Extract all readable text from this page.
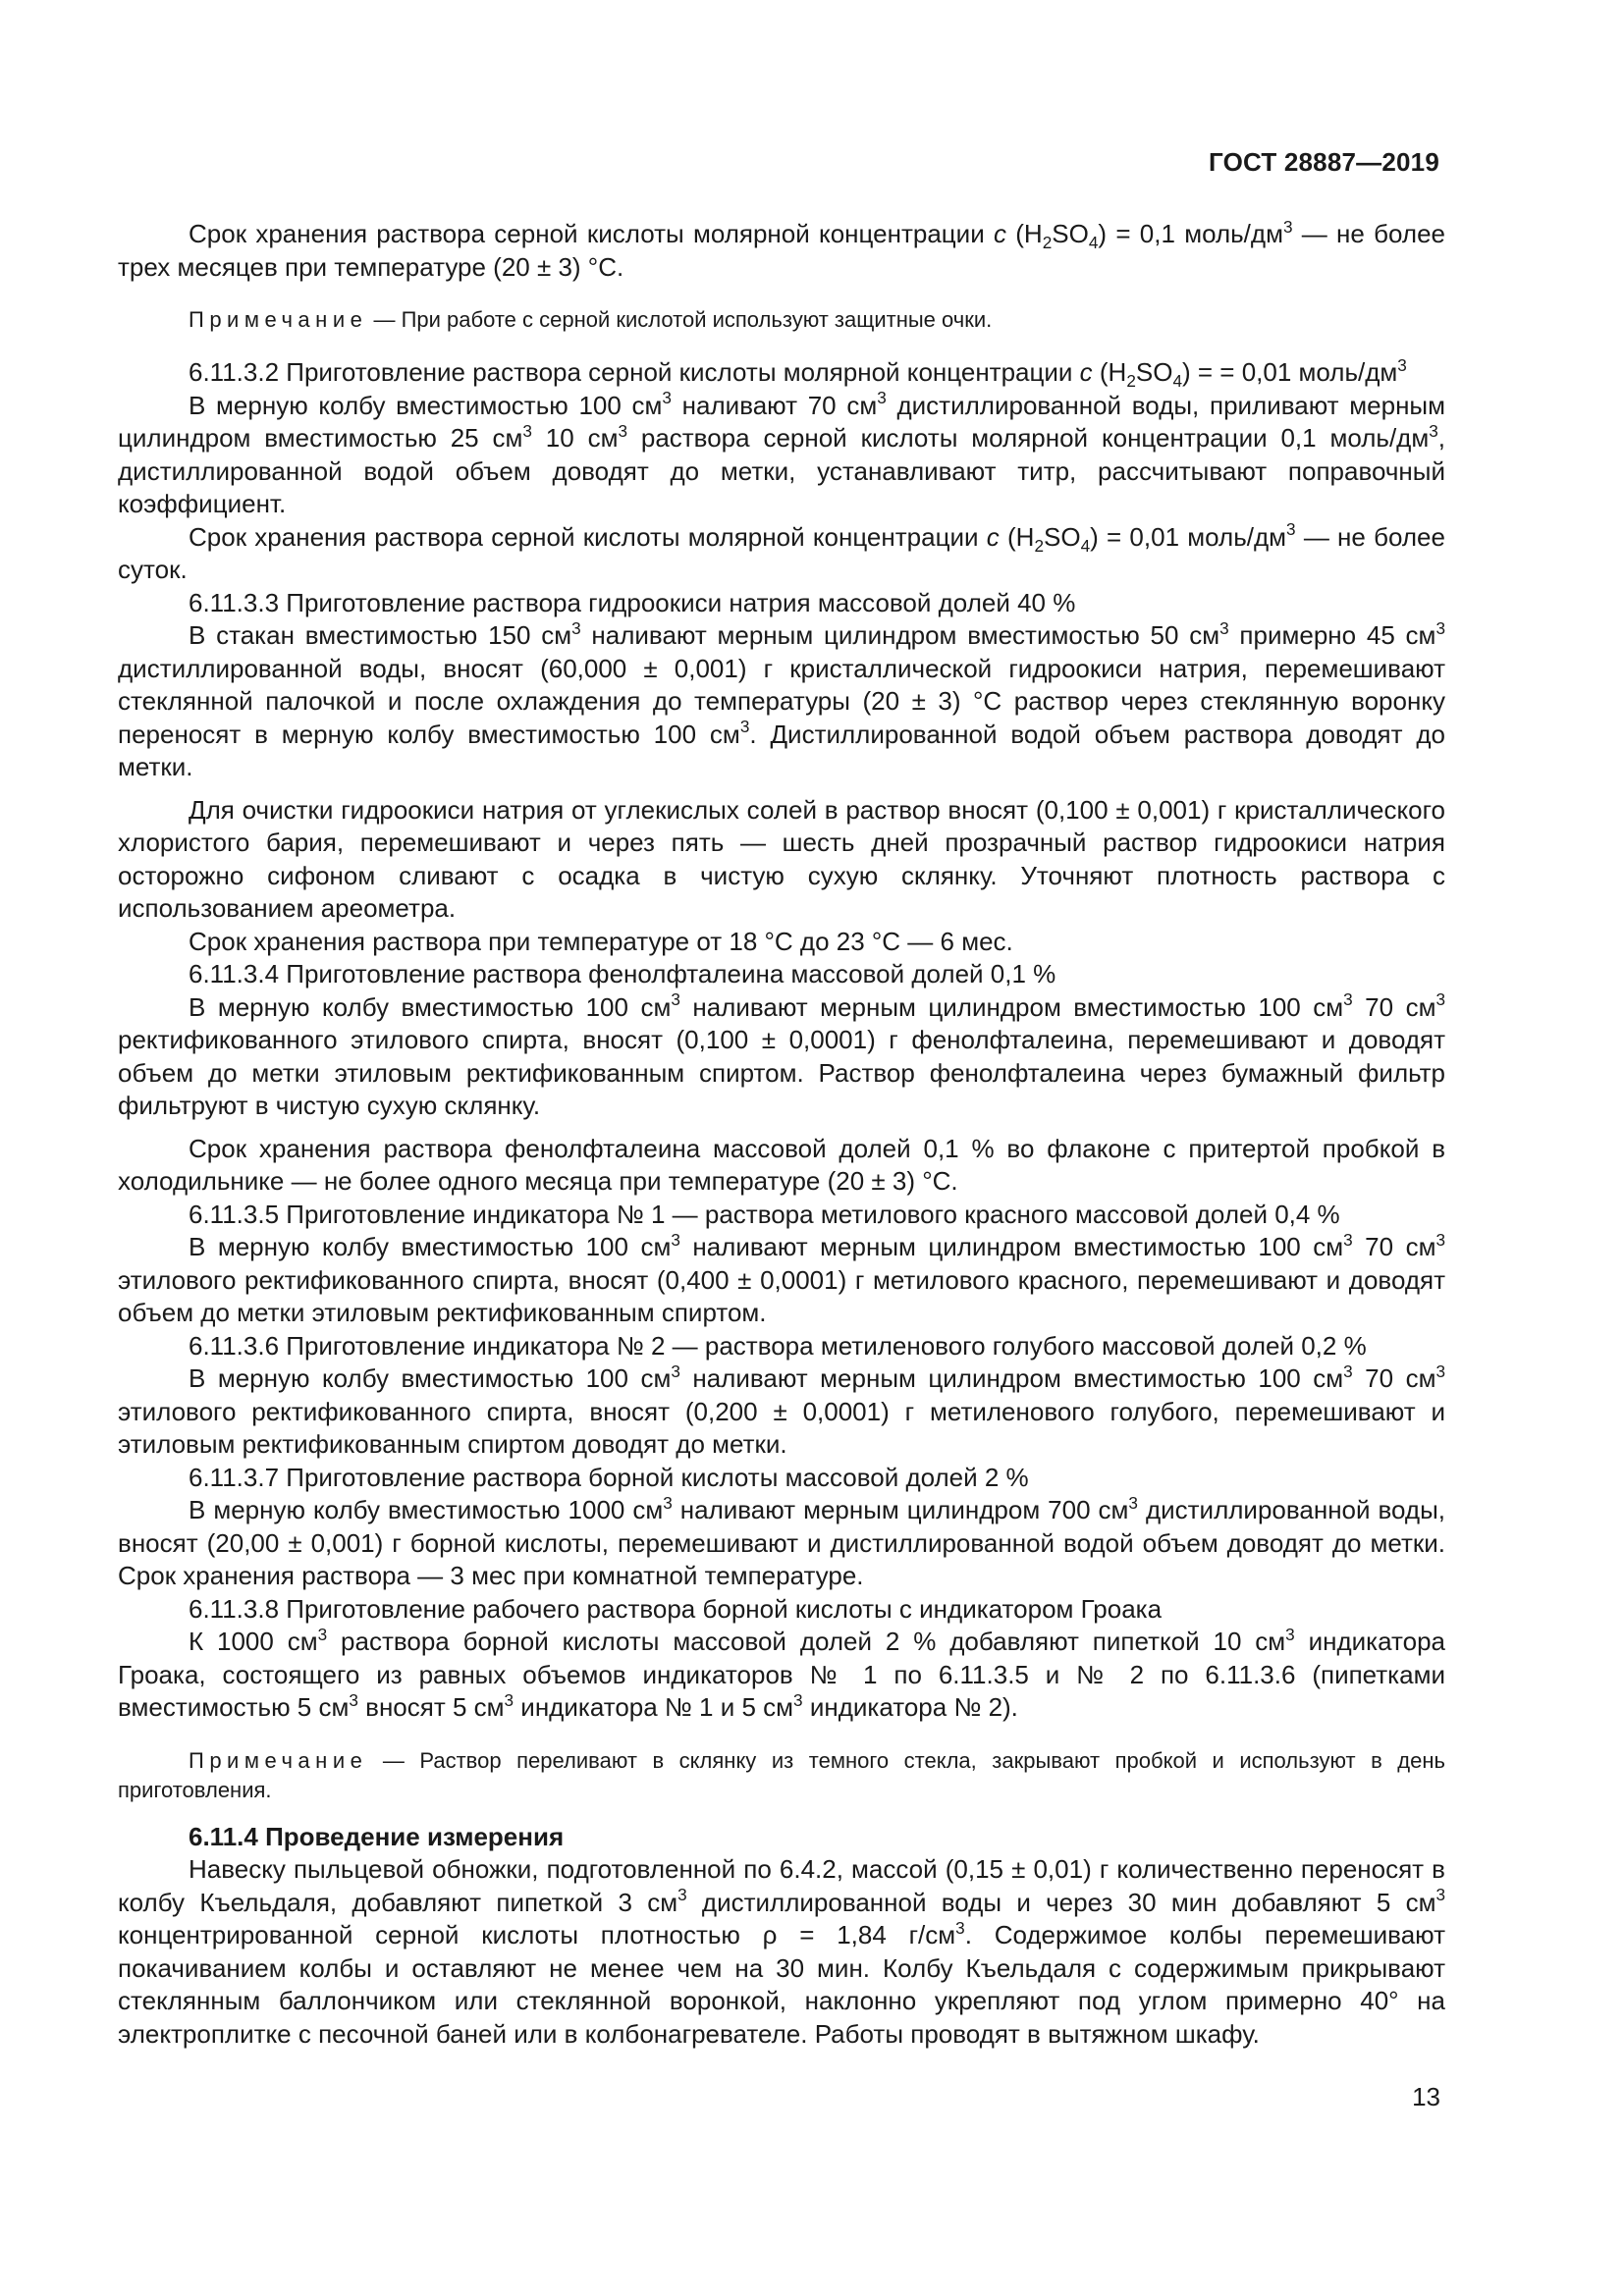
ГОСТ 28887—2019

Срок хранения раствора серной кислоты молярной концентрации c $(H_2SO_4) = 0,1$ моль/$дм^3$ — не более трех месяцев при температуре (20 ± 3) °C.

Примечание — При работе с серной кислотой используют защитные очки.

6.11.3.2 Приготовление раствора серной кислоты молярной концентрации c $(H_2SO_4)$ = = 0,01 моль/$дм^3$

В мерную колбу вместимостью 100 $см^3$ наливают 70 $см^3$ дистиллированной воды, приливают мерным цилиндром вместимостью 25 $см^3$ 10 $см^3$ раствора серной кислоты молярной концентрации 0,1 моль/$дм^3$, дистиллированной водой объем доводят до метки, устанавливают титр, рассчитывают поправочный коэффициент.

Срок хранения раствора серной кислоты молярной концентрации c $(H_2SO_4) = 0,01$ моль/$дм^3$ — не более суток.

6.11.3.3 Приготовление раствора гидроокиси натрия массовой долей 40 %

В стакан вместимостью 150 $см^3$ наливают мерным цилиндром вместимостью 50 $см^3$ примерно 45 $см^3$ дистиллированной воды, вносят (60,000 ± 0,001) г кристаллической гидроокиси натрия, перемешивают стеклянной палочкой и после охлаждения до температуры (20 ± 3) °C раствор через стеклянную воронку переносят в мерную колбу вместимостью 100 $см^3$. Дистиллированной водой объем раствора доводят до метки.

Для очистки гидроокиси натрия от углекислых солей в раствор вносят (0,100 ± 0,001) г кристаллического хлористого бария, перемешивают и через пять — шесть дней прозрачный раствор гидроокиси натрия осторожно сифоном сливают с осадка в чистую сухую склянку. Уточняют плотность раствора с использованием ареометра.

Срок хранения раствора при температуре от 18 °C до 23 °C — 6 мес.

6.11.3.4 Приготовление раствора фенолфталеина массовой долей 0,1 %

В мерную колбу вместимостью 100 $см^3$ наливают мерным цилиндром вместимостью 100 $см^3$ 70 $см^3$ ректификованного этилового спирта, вносят (0,100 ± 0,0001) г фенолфталеина, перемешивают и доводят объем до метки этиловым ректификованным спиртом. Раствор фенолфталеина через бумажный фильтр фильтруют в чистую сухую склянку.

Срок хранения раствора фенолфталеина массовой долей 0,1 % во флаконе с притертой пробкой в холодильнике — не более одного месяца при температуре (20 ± 3) °C.

6.11.3.5 Приготовление индикатора № 1 — раствора метилового красного массовой долей 0,4 %

В мерную колбу вместимостью 100 $см^3$ наливают мерным цилиндром вместимостью 100 $см^3$ 70 $см^3$ этилового ректификованного спирта, вносят (0,400 ± 0,0001) г метилового красного, перемешивают и доводят объем до метки этиловым ректификованным спиртом.

6.11.3.6 Приготовление индикатора № 2 — раствора метиленового голубого массовой долей 0,2 %

В мерную колбу вместимостью 100 $см^3$ наливают мерным цилиндром вместимостью 100 $см^3$ 70 $см^3$ этилового ректификованного спирта, вносят (0,200 ± 0,0001) г метиленового голубого, перемешивают и этиловым ректификованным спиртом доводят до метки.

6.11.3.7 Приготовление раствора борной кислоты массовой долей 2 %

В мерную колбу вместимостью 1000 $см^3$ наливают мерным цилиндром 700 $см^3$ дистиллированной воды, вносят (20,00 ± 0,001) г борной кислоты, перемешивают и дистиллированной водой объем доводят до метки. Срок хранения раствора — 3 мес при комнатной температуре.

6.11.3.8 Приготовление рабочего раствора борной кислоты с индикатором Гроака

К 1000 $см^3$ раствора борной кислоты массовой долей 2 % добавляют пипеткой 10 $см^3$ индикатора Гроака, состоящего из равных объемов индикаторов № 1 по 6.11.3.5 и № 2 по 6.11.3.6 (пипетками вместимостью 5 $см^3$ вносят 5 $см^3$ индикатора № 1 и 5 $см^3$ индикатора № 2).

Примечание — Раствор переливают в склянку из темного стекла, закрывают пробкой и используют в день приготовления.

6.11.4 Проведение измерения

Навеску пыльцевой обножки, подготовленной по 6.4.2, массой (0,15 ± 0,01) г количественно переносят в колбу Къельдаля, добавляют пипеткой 3 $см^3$ дистиллированной воды и через 30 мин добавляют 5 $см^3$ концентрированной серной кислоты плотностью ρ = 1,84 $г/см^3$. Содержимое колбы перемешивают покачиванием колбы и оставляют не менее чем на 30 мин. Колбу Къельдаля с содержимым прикрывают стеклянным баллончиком или стеклянной воронкой, наклонно укрепляют под углом примерно 40° на электроплитке с песочной баней или в колбонагревателе. Работы проводят в вытяжном шкафу.

13
